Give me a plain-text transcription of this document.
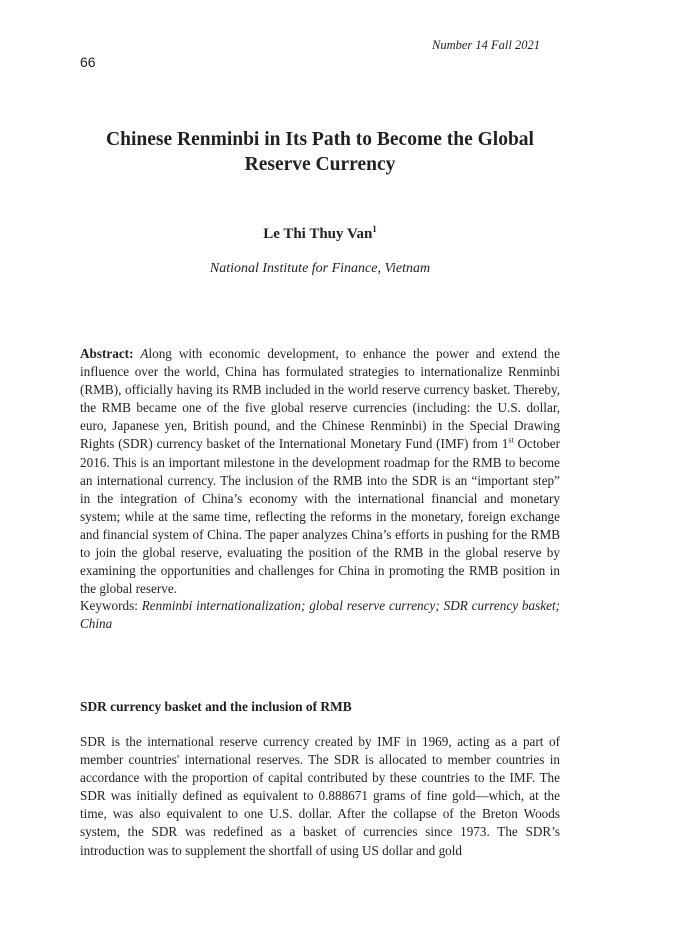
Number 14 Fall 2021
66
Chinese Renminbi in Its Path to Become the Global Reserve Currency
Le Thi Thuy Van$^1$
National Institute for Finance, Vietnam

Abstract: Along with economic development, to enhance the power and extend the influence over the world, China has formulated strategies to internationalize Renminbi (RMB), officially having its RMB included in the world reserve currency basket. Thereby, the RMB became one of the five global reserve currencies (including: the U.S. dollar, euro, Japanese yen, British pound, and the Chinese Renminbi) in the Special Drawing Rights (SDR) currency basket of the International Monetary Fund (IMF) from 1st October 2016. This is an important milestone in the development roadmap for the RMB to become an international currency. The inclusion of the RMB into the SDR is an “important step” in the integration of China’s economy with the international financial and monetary system; while at the same time, reflecting the reforms in the monetary, foreign exchange and financial system of China. The paper analyzes China’s efforts in pushing for the RMB to join the global reserve, evaluating the position of the RMB in the global reserve by examining the opportunities and challenges for China in promoting the RMB position in the global reserve.

Keywords: Renminbi internationalization; global reserve currency; SDR currency basket; China

SDR currency basket and the inclusion of RMB

SDR is the international reserve currency created by IMF in 1969, acting as a part of member countries' international reserves. The SDR is allocated to member countries in accordance with the proportion of capital contributed by these countries to the IMF. The SDR was initially defined as equivalent to 0.888671 grams of fine gold—which, at the time, was also equivalent to one U.S. dollar. After the collapse of the Breton Woods system, the SDR was redefined as a basket of currencies since 1973. The SDR’s introduction was to supplement the shortfall of using US dollar and gold
